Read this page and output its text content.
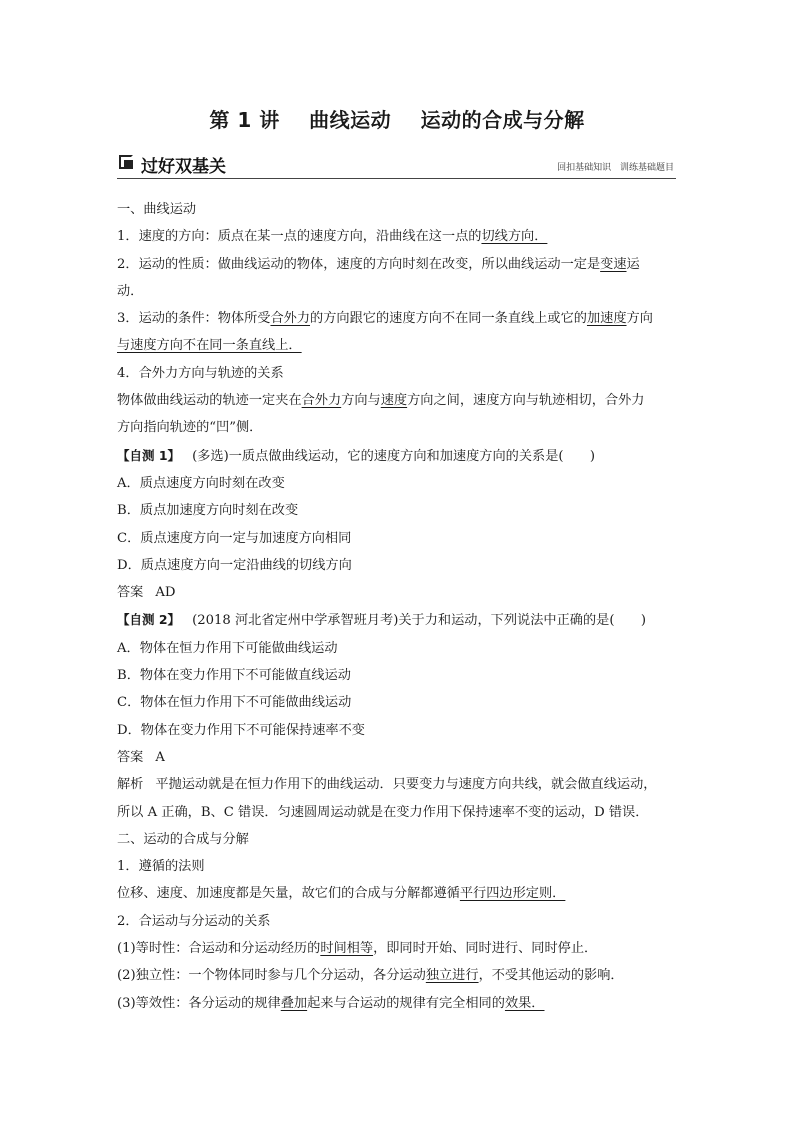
第 1 讲 曲线运动 运动的合成与分解
过好双基关	回扣基础知识 训练基础题目

一、曲线运动

1．速度的方向：质点在某一点的速度方向，沿曲线在这一点的切线方向．

2．运动的性质：做曲线运动的物体，速度的方向时刻在改变，所以曲线运动一定是变速运

动．

3．运动的条件：物体所受合外力的方向跟它的速度方向不在同一条直线上或它的加速度方向

与速度方向不在同一条直线上．

4．合外力方向与轨迹的关系

物体做曲线运动的轨迹一定夹在合外力方向与速度方向之间，速度方向与轨迹相切，合外力

方向指向轨迹的“凹”侧．

【自测 1】 (多选)一质点做曲线运动，它的速度方向和加速度方向的关系是(　　)

A．质点速度方向时刻在改变

B．质点加速度方向时刻在改变

C．质点速度方向一定与加速度方向相同

D．质点速度方向一定沿曲线的切线方向

答案 AD

【自测 2】 (2018 河北省定州中学承智班月考)关于力和运动，下列说法中正确的是(　　)

A．物体在恒力作用下可能做曲线运动

B．物体在变力作用下不可能做直线运动

C．物体在恒力作用下不可能做曲线运动

D．物体在变力作用下不可能保持速率不变

答案 A

解析 平抛运动就是在恒力作用下的曲线运动．只要变力与速度方向共线，就会做直线运动，

所以 A 正确，B、C 错误．匀速圆周运动就是在变力作用下保持速率不变的运动，D 错误．

二、运动的合成与分解

1．遵循的法则

位移、速度、加速度都是矢量，故它们的合成与分解都遵循平行四边形定则．

2．合运动与分运动的关系

(1)等时性：合运动和分运动经历的时间相等，即同时开始、同时进行、同时停止．

(2)独立性：一个物体同时参与几个分运动，各分运动独立进行，不受其他运动的影响．

(3)等效性：各分运动的规律叠加起来与合运动的规律有完全相同的效果．
